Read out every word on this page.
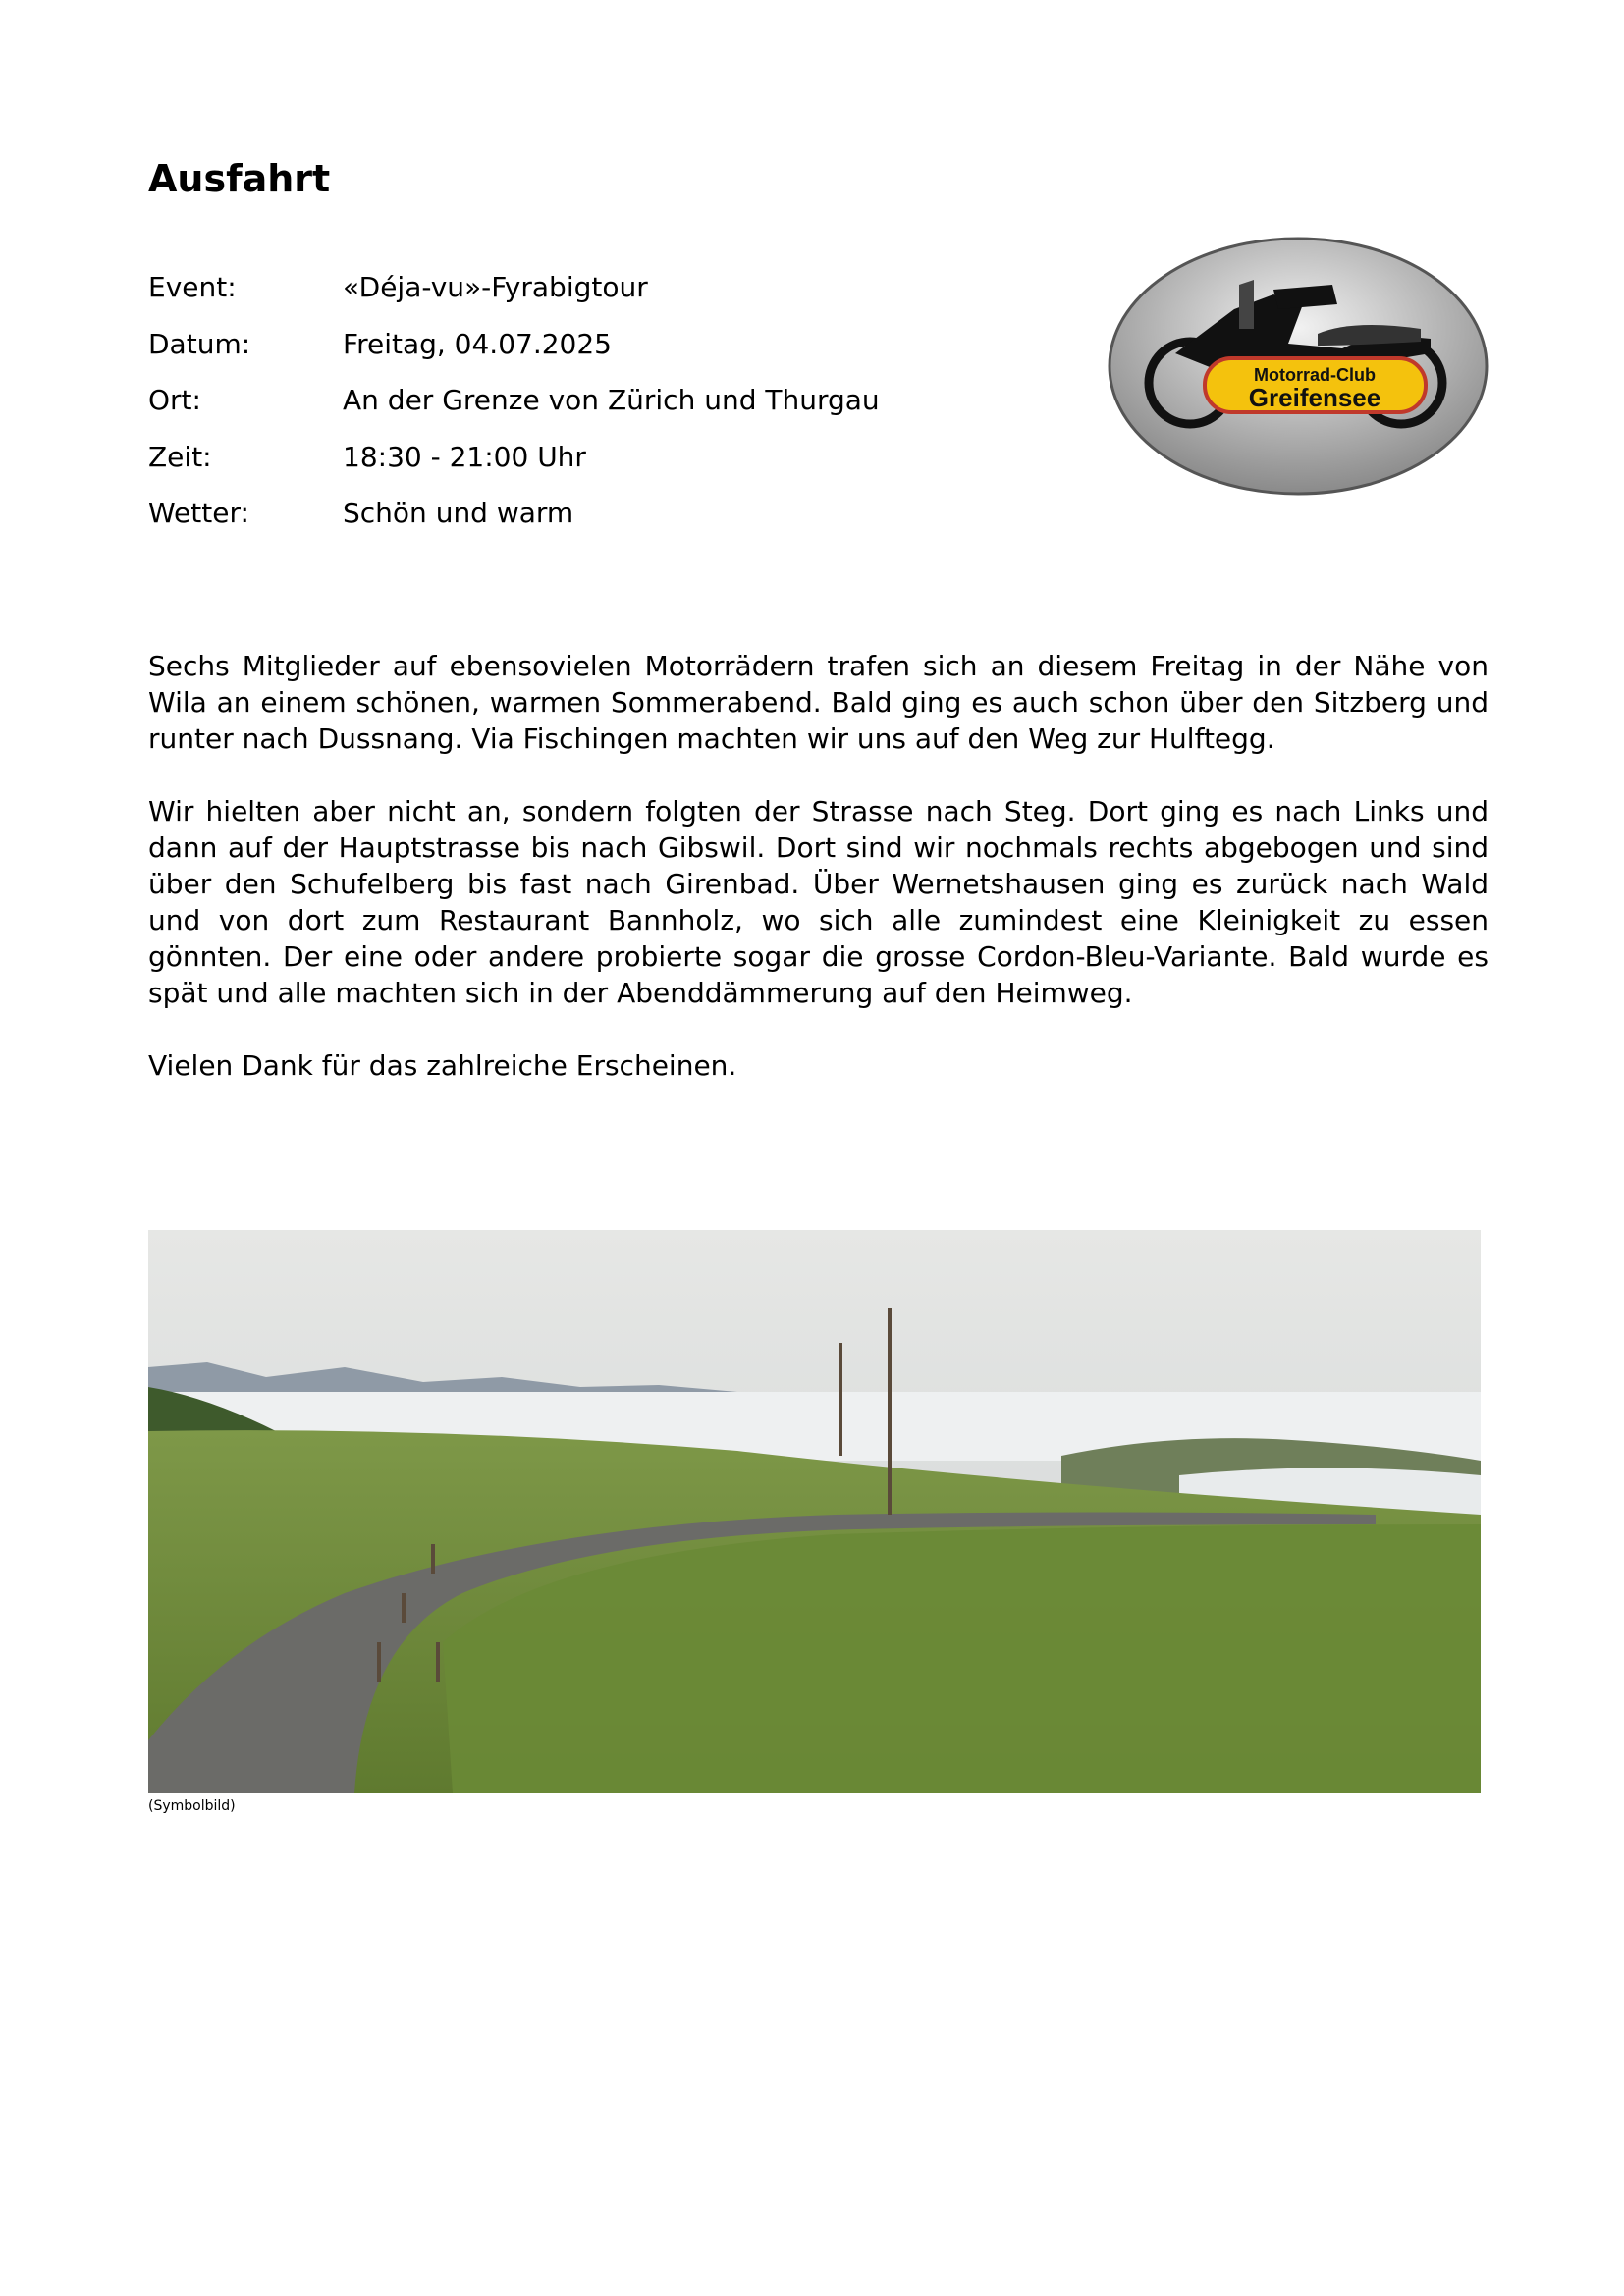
Ausfahrt
Event:	«Déja-vu»-Fyrabigtour
Datum:	Freitag, 04.07.2025
Ort:	An der Grenze von Zürich und Thurgau
Zeit:	18:30 - 21:00 Uhr
Wetter:	Schön und warm
Motorrad-Club
Greifensee

Sechs Mitglieder auf ebensovielen Motorrädern trafen sich an diesem Freitag in der Nähe von Wila an einem schönen, warmen Sommerabend. Bald ging es auch schon über den Sitzberg und runter nach Dussnang. Via Fischingen machten wir uns auf den Weg zur Hulftegg.

Wir hielten aber nicht an, sondern folgten der Strasse nach Steg. Dort ging es nach Links und dann auf der Hauptstrasse bis nach Gibswil. Dort sind wir nochmals rechts abgebogen und sind über den Schufelberg bis fast nach Girenbad. Über Wernetshausen ging es zurück nach Wald und von dort zum Restaurant Bannholz, wo sich alle zumindest eine Kleinigkeit zu essen gönnten. Der eine oder andere probierte sogar die grosse Cordon-Bleu-Variante. Bald wurde es spät und alle machten sich in der Abenddämmerung auf den Heimweg.

Vielen Dank für das zahlreiche Erscheinen.

(Symbolbild)
